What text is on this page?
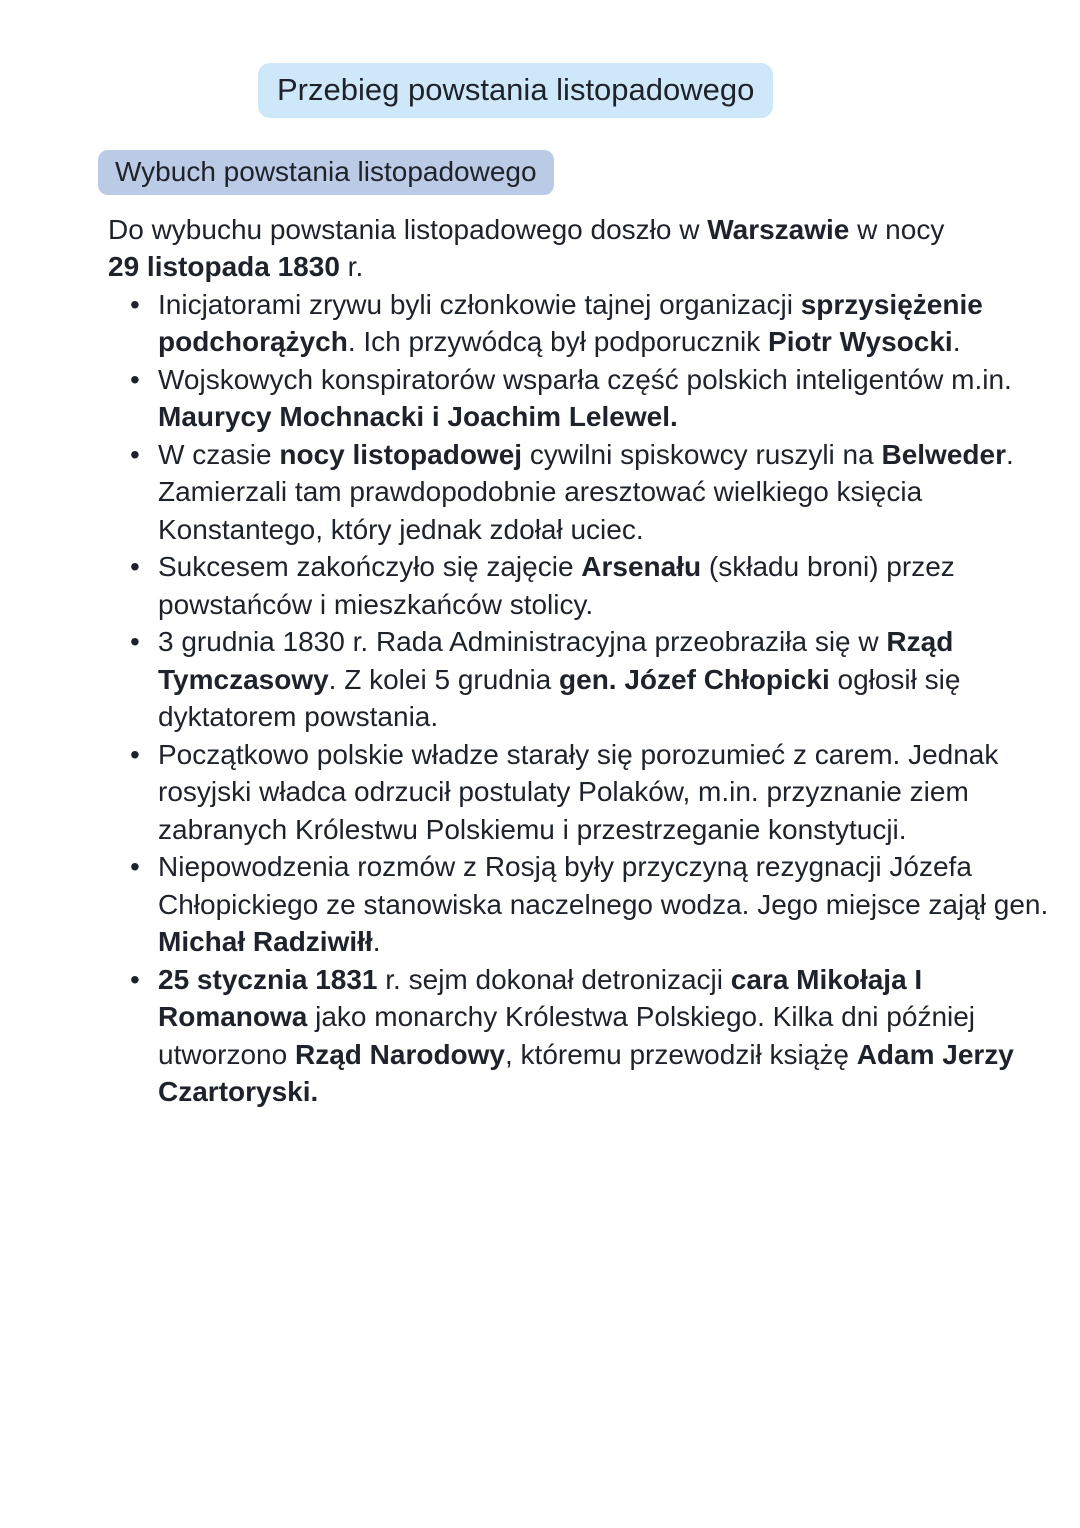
Przebieg powstania listopadowego
Wybuch powstania listopadowego

Do wybuchu powstania listopadowego doszło w Warszawie w nocy 29 listopada 1830 r.

• Inicjatorami zrywu byli członkowie tajnej organizacji sprzysiężenie podchorążych. Ich przywódcą był podporucznik Piotr Wysocki.
• Wojskowych konspiratorów wsparła część polskich inteligentów m.in. Maurycy Mochnacki i Joachim Lelewel.
• W czasie nocy listopadowej cywilni spiskowcy ruszyli na Belweder. Zamierzali tam prawdopodobnie aresztować wielkiego księcia Konstantego, który jednak zdołał uciec.
• Sukcesem zakończyło się zajęcie Arsenału (składu broni) przez powstańców i mieszkańców stolicy.
• 3 grudnia 1830 r. Rada Administracyjna przeobraziła się w Rząd Tymczasowy. Z kolei 5 grudnia gen. Józef Chłopicki ogłosił się dyktatorem powstania.
• Początkowo polskie władze starały się porozumieć z carem. Jednak rosyjski władca odrzucił postulaty Polaków, m.in. przyznanie ziem zabranych Królestwu Polskiemu i przestrzeganie konstytucji.
• Niepowodzenia rozmów z Rosją były przyczyną rezygnacji Józefa Chłopickiego ze stanowiska naczelnego wodza. Jego miejsce zajął gen. Michał Radziwiłł.
• 25 stycznia 1831 r. sejm dokonał detronizacji cara Mikołaja I Romanowa jako monarchy Królestwa Polskiego. Kilka dni później utworzono Rząd Narodowy, któremu przewodził książę Adam Jerzy Czartoryski.
